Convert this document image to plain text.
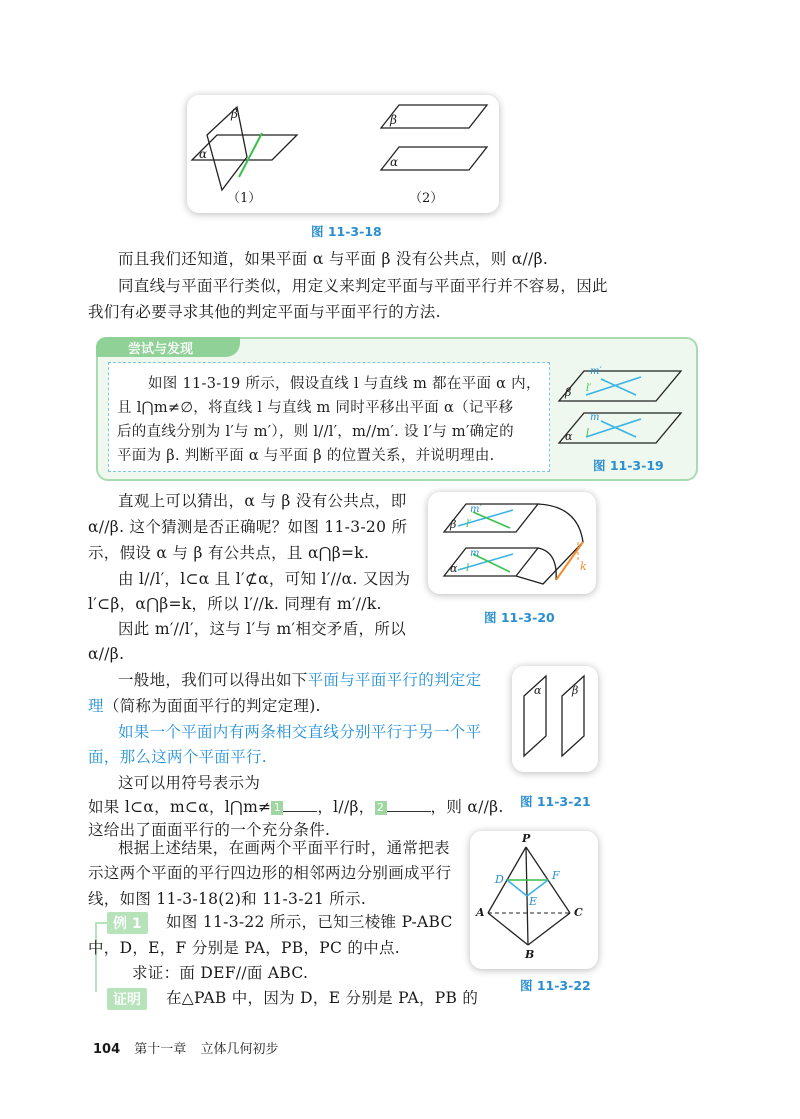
β
α
β
α
（1）	（2）
图 11-3-18
而且我们还知道，如果平面 α 与平面 β 没有公共点，则 α//β.
同直线与平面平行类似，用定义来判定平面与平面平行并不容易，因此
我们有必要寻求其他的判定平面与平面平行的方法.
尝试与发现
如图 11-3-19 所示，假设直线 l 与直线 m 都在平面 α 内，
且 l⋂m≠∅，将直线 l 与直线 m 同时平移出平面 α（记平移
后的直线分别为 l′与 m′），则 l//l′，m//m′. 设 l′与 m′确定的
平面为 β. 判断平面 α 与平面 β 的位置关系，并说明理由.
m′
l′
β
m
l
α
图 11-3-19
直观上可以猜出，α 与 β 没有公共点，即
α//β. 这个猜测是否正确呢？如图 11-3-20 所
示，假设 α 与 β 有公共点，且 α⋂β=k.
由 l//l′，l⊂α 且 l′⊄α，可知 l′//α. 又因为
l′⊂β，α⋂β=k，所以 l′//k. 同理有 m′//k.
因此 m′//l′，这与 l′与 m′相交矛盾，所以
α//β.
m′
β l′
m
α l	k
图 11-3-20
一般地，我们可以得出如下平面与平面平行的判定定
理（简称为面面平行的判定定理).
如果一个平面内有两条相交直线分别平行于另一个平
面，那么这两个平面平行.
这可以用符号表示为
如果 l⊂α，m⊂α，l⋂m≠ 1 ，l//β， 2	，则 α//β.
这给出了面面平行的一个充分条件.
α	β
图 11-3-21
根据上述结果，在画两个平面平行时，通常把表
示这两个平面的平行四边形的相邻两边分别画成平行
线，如图 11-3-18(2)和 11-3-21 所示.
例 1	如图 11-3-22 所示，已知三棱锥 P-ABC
中，D，E，F 分别是 PA，PB，PC 的中点.
求证：面 DEF//面 ABC.
证明	在△PAB 中，因为 D，E 分别是 PA，PB 的
P
D	F
E
A	C
B
图 11-3-22
104 第十一章 立体几何初步
